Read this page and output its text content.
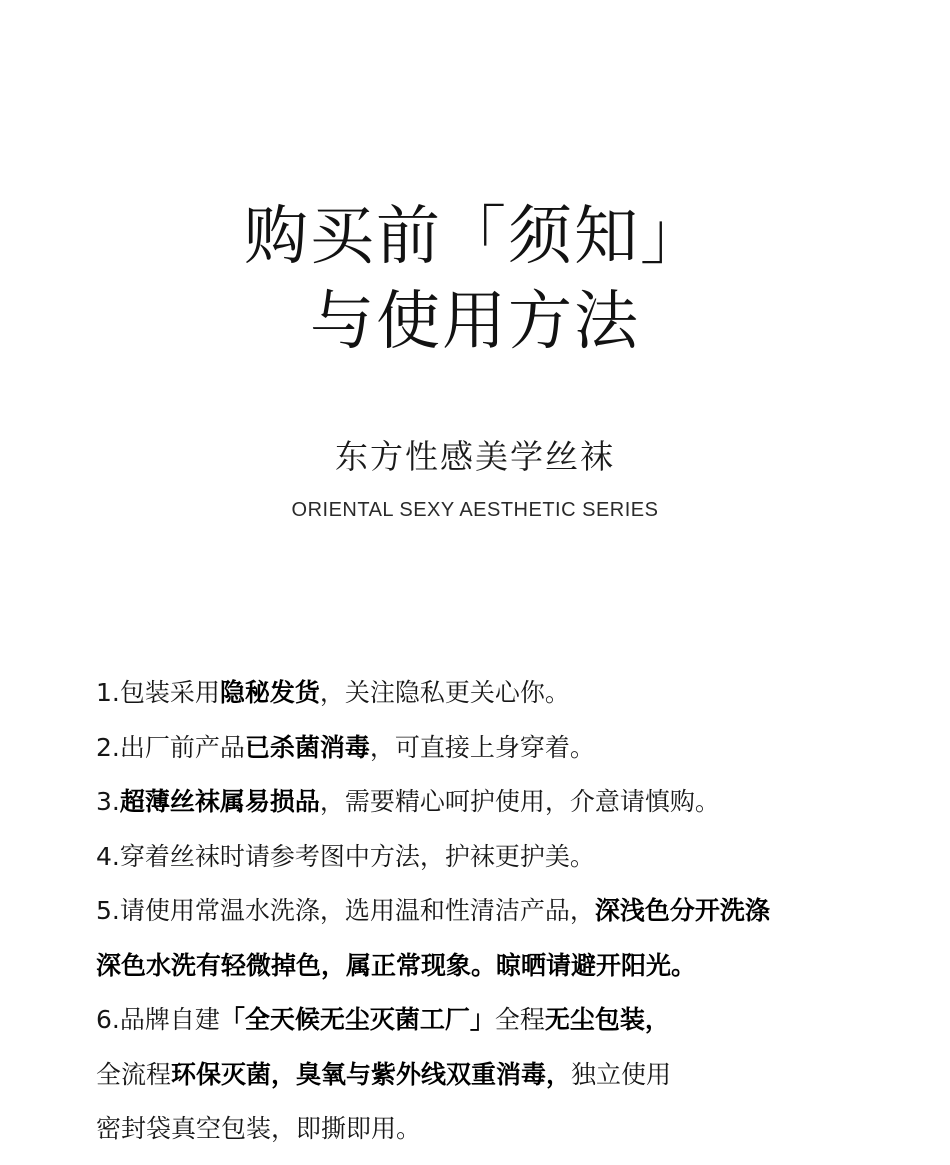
购买前「须知」
与使用方法
东方性感美学丝袜
ORIENTAL SEXY AESTHETIC SERIES
1.包装采用隐秘发货，关注隐私更关心你。
2.出厂前产品已杀菌消毒，可直接上身穿着。
3.超薄丝袜属易损品，需要精心呵护使用，介意请慎购。
4.穿着丝袜时请参考图中方法，护袜更护美。
5.请使用常温水洗涤，选用温和性清洁产品，深浅色分开洗涤
深色水洗有轻微掉色，属正常现象。晾晒请避开阳光。
6.品牌自建「全天候无尘灭菌工厂」全程无尘包装，
全流程环保灭菌，臭氧与紫外线双重消毒，独立使用
密封袋真空包装，即撕即用。
